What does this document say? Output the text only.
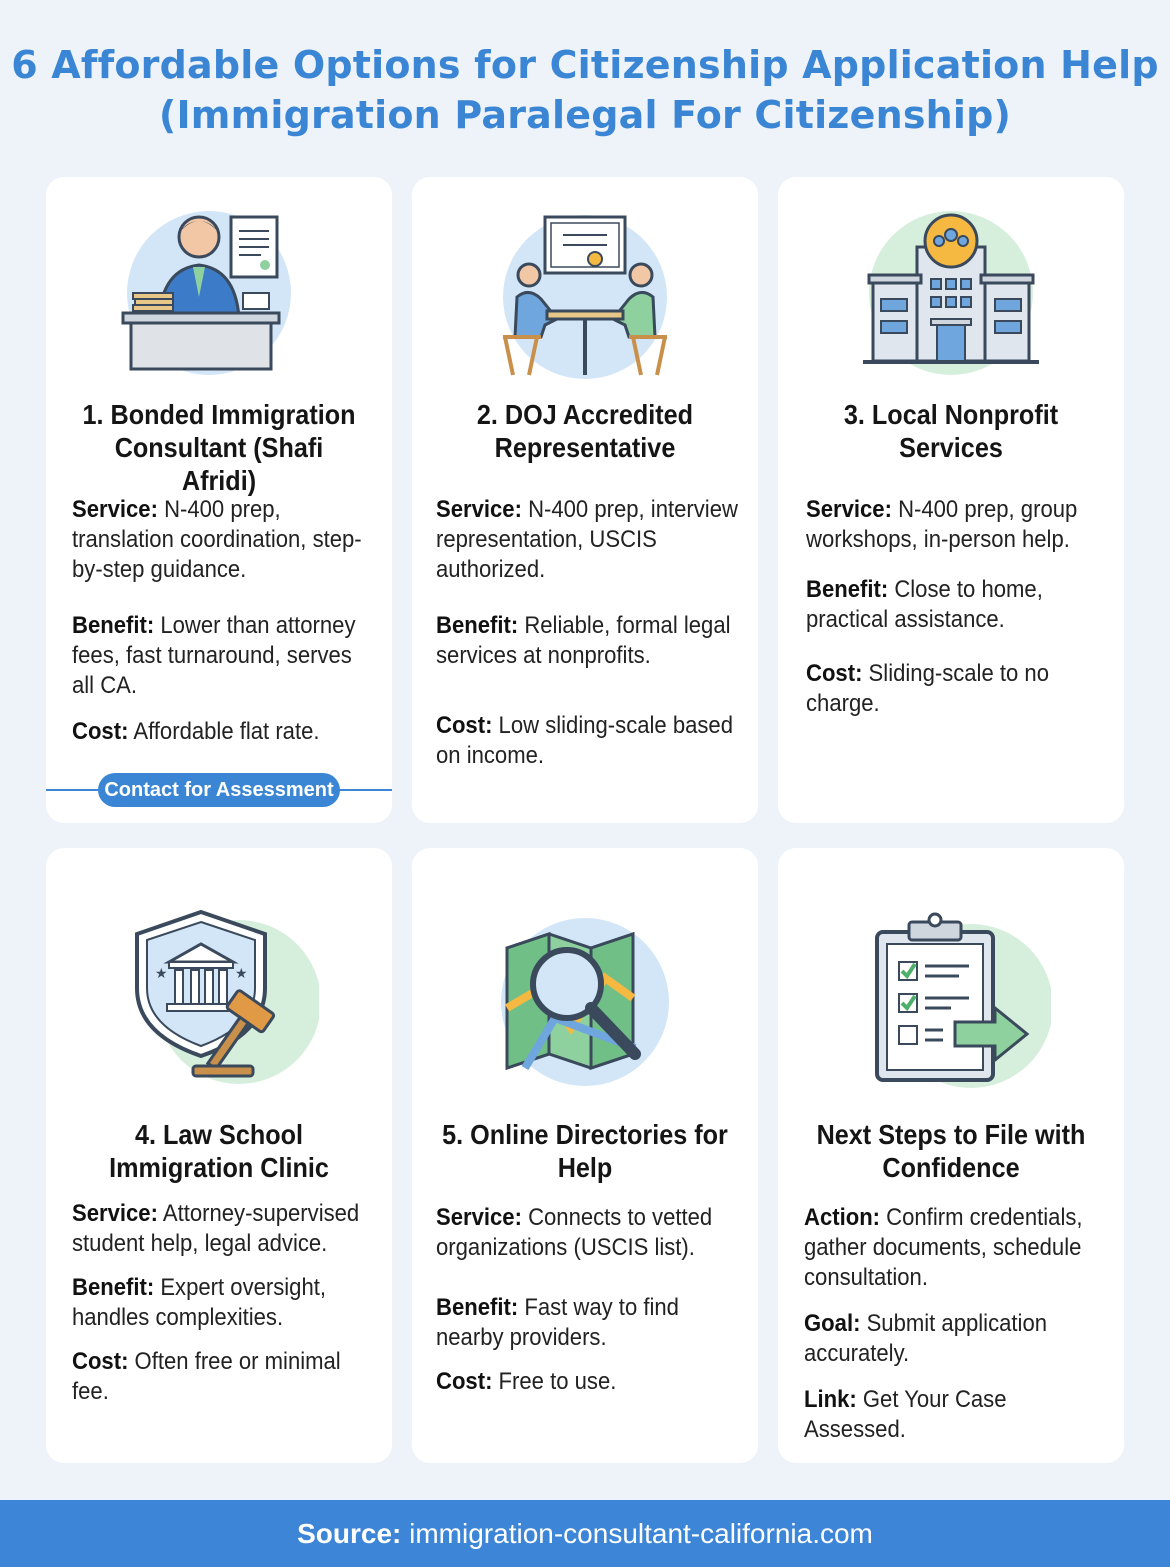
6 Affordable Options for Citizenship Application Help (Immigration Paralegal For Citizenship)
1. Bonded Immigration Consultant (Shafi Afridi)

Service: N-400 prep, translation coordination, step-by-step guidance.

Benefit: Lower than attorney fees, fast turnaround, serves all CA.

Cost: Affordable flat rate.

Contact for Assessment
2. DOJ Accredited Representative

Service: N-400 prep, interview representation, USCIS authorized.

Benefit: Reliable, formal legal services at nonprofits.

Cost: Low sliding-scale based on income.

3. Local Nonprofit Services

Service: N-400 prep, group workshops, in-person help.

Benefit: Close to home, practical assistance.

Cost: Sliding-scale to no charge.

★	★
4. Law School Immigration Clinic

Service: Attorney-supervised student help, legal advice.

Benefit: Expert oversight, handles complexities.

Cost: Often free or minimal fee.

5. Online Directories for Help

Service: Connects to vetted organizations (USCIS list).

Benefit: Fast way to find nearby providers.

Cost: Free to use.

Next Steps to File with Confidence

Action: Confirm credentials, gather documents, schedule consultation.

Goal: Submit application accurately.

Link: Get Your Case Assessed.

Source: immigration-consultant-california.com
